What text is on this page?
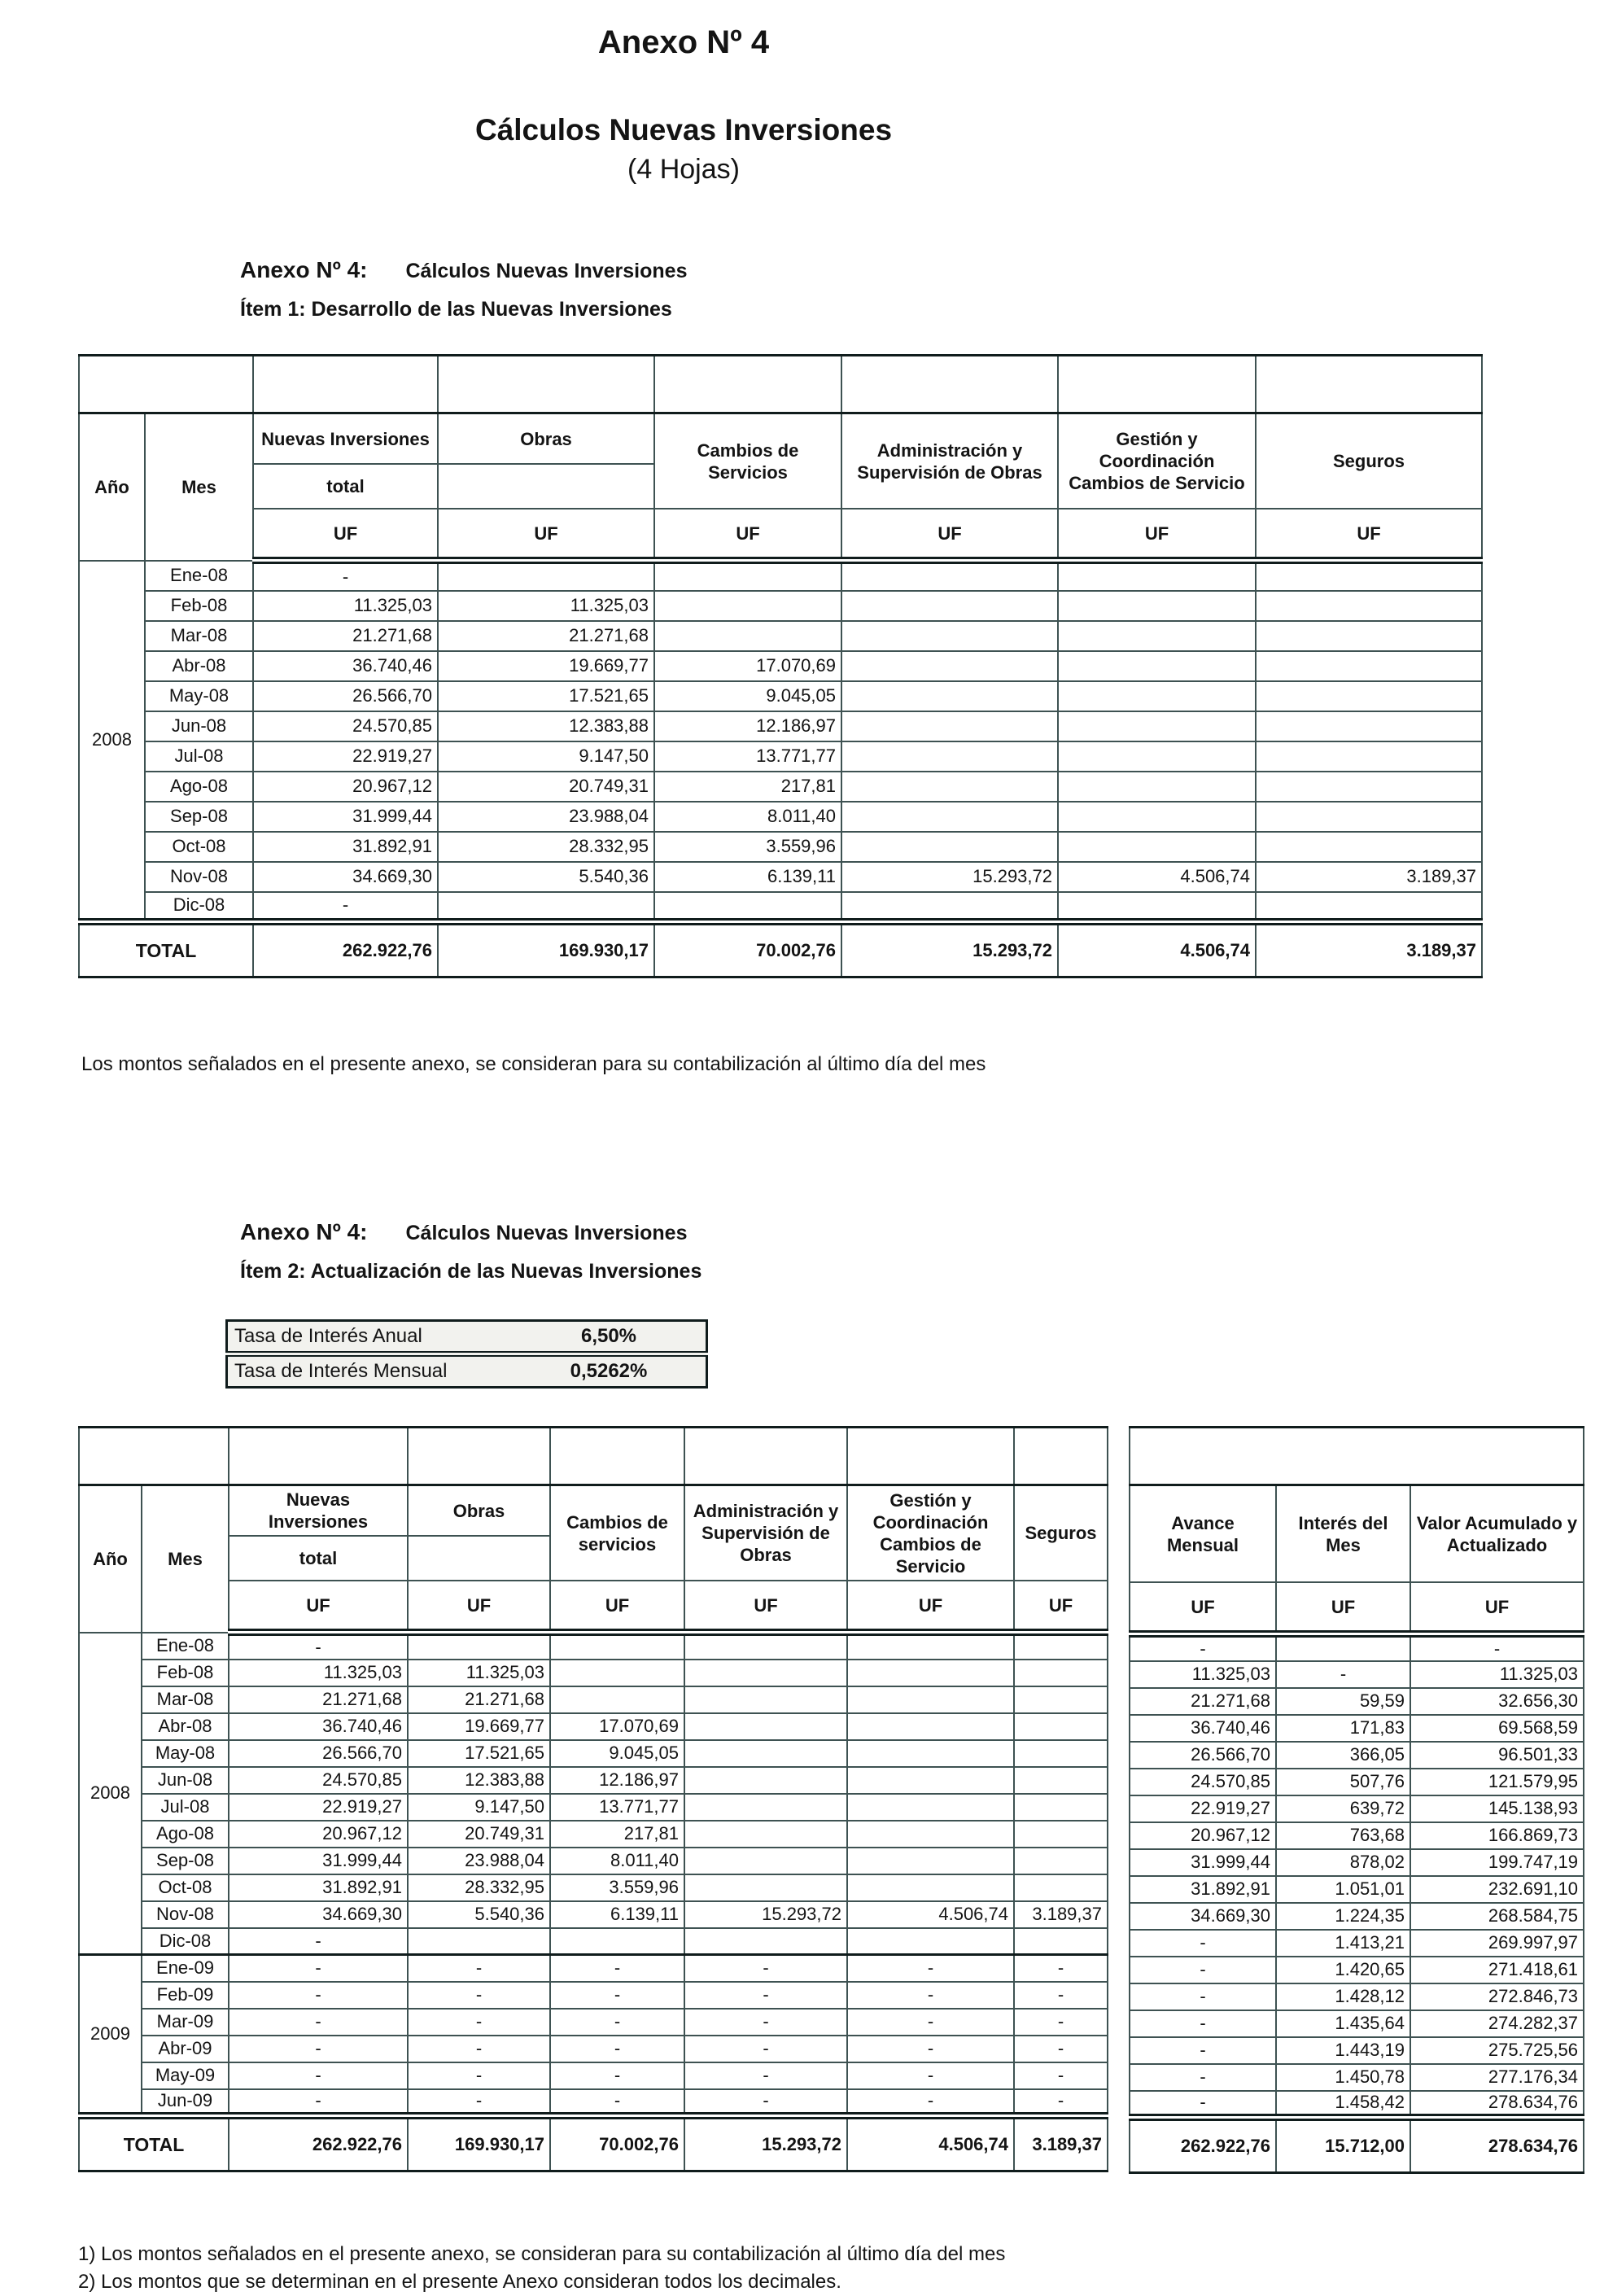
Anexo Nº 4
Cálculos Nuevas Inversiones
(4 Hojas)
Anexo Nº 4: Cálculos Nuevas Inversiones
Ítem 1: Desarrollo de las Nuevas Inversiones

Año	Mes	Nuevas Inversiones	Obras	Cambios de Servicios	Administración y Supervisión de Obras	Gestión y Coordinación Cambios de Servicio	Seguros
		total					
		UF	UF	UF	UF	UF	UF
2008	Ene-08	-					
	Feb-08	11.325,03	11.325,03				
	Mar-08	21.271,68	21.271,68				
	Abr-08	36.740,46	19.669,77	17.070,69			
	May-08	26.566,70	17.521,65	9.045,05			
	Jun-08	24.570,85	12.383,88	12.186,97			
	Jul-08	22.919,27	9.147,50	13.771,77			
	Ago-08	20.967,12	20.749,31	217,81			
	Sep-08	31.999,44	23.988,04	8.011,40			
	Oct-08	31.892,91	28.332,95	3.559,96			
	Nov-08	34.669,30	5.540,36	6.139,11	15.293,72	4.506,74	3.189,37
	Dic-08	-					
TOTAL		262.922,76	169.930,17	70.002,76	15.293,72	4.506,74	3.189,37
Los montos señalados en el presente anexo, se consideran para su contabilización al último día del mes
Anexo Nº 4: Cálculos Nuevas Inversiones
Ítem 2: Actualización de las Nuevas Inversiones
Tasa de Interés Anual	6,50%
Tasa de Interés Mensual	0,5262%

Año	Mes	Nuevas Inversiones	Obras	Cambios de servicios	Administración y Supervisión de Obras	Gestión y Coordinación Cambios de Servicio	Seguros
		total					
		UF	UF	UF	UF	UF	UF
2008	Ene-08	-					
	Feb-08	11.325,03	11.325,03				
	Mar-08	21.271,68	21.271,68				
	Abr-08	36.740,46	19.669,77	17.070,69			
	May-08	26.566,70	17.521,65	9.045,05			
	Jun-08	24.570,85	12.383,88	12.186,97			
	Jul-08	22.919,27	9.147,50	13.771,77			
	Ago-08	20.967,12	20.749,31	217,81			
	Sep-08	31.999,44	23.988,04	8.011,40			
	Oct-08	31.892,91	28.332,95	3.559,96			
	Nov-08	34.669,30	5.540,36	6.139,11	15.293,72	4.506,74	3.189,37
	Dic-08	-					
2009	Ene-09	-	-	-	-	-	-
	Feb-09	-	-	-	-	-	-
	Mar-09	-	-	-	-	-	-
	Abr-09	-	-	-	-	-	-
	May-09	-	-	-	-	-	-
	Jun-09	-	-	-	-	-	-
TOTAL		262.922,76	169.930,17	70.002,76	15.293,72	4.506,74	3.189,37

Avance Mensual	Interés del Mes	Valor Acumulado y Actualizado
UF	UF	UF
-		-
11.325,03	-	11.325,03
21.271,68	59,59	32.656,30
36.740,46	171,83	69.568,59
26.566,70	366,05	96.501,33
24.570,85	507,76	121.579,95
22.919,27	639,72	145.138,93
20.967,12	763,68	166.869,73
31.999,44	878,02	199.747,19
31.892,91	1.051,01	232.691,10
34.669,30	1.224,35	268.584,75
-	1.413,21	269.997,97
-	1.420,65	271.418,61
-	1.428,12	272.846,73
-	1.435,64	274.282,37
-	1.443,19	275.725,56
-	1.450,78	277.176,34
-	1.458,42	278.634,76
262.922,76	15.712,00	278.634,76
1) Los montos señalados en el presente anexo, se consideran para su contabilización al último día del mes
2) Los montos que se determinan en el presente Anexo consideran todos los decimales.
